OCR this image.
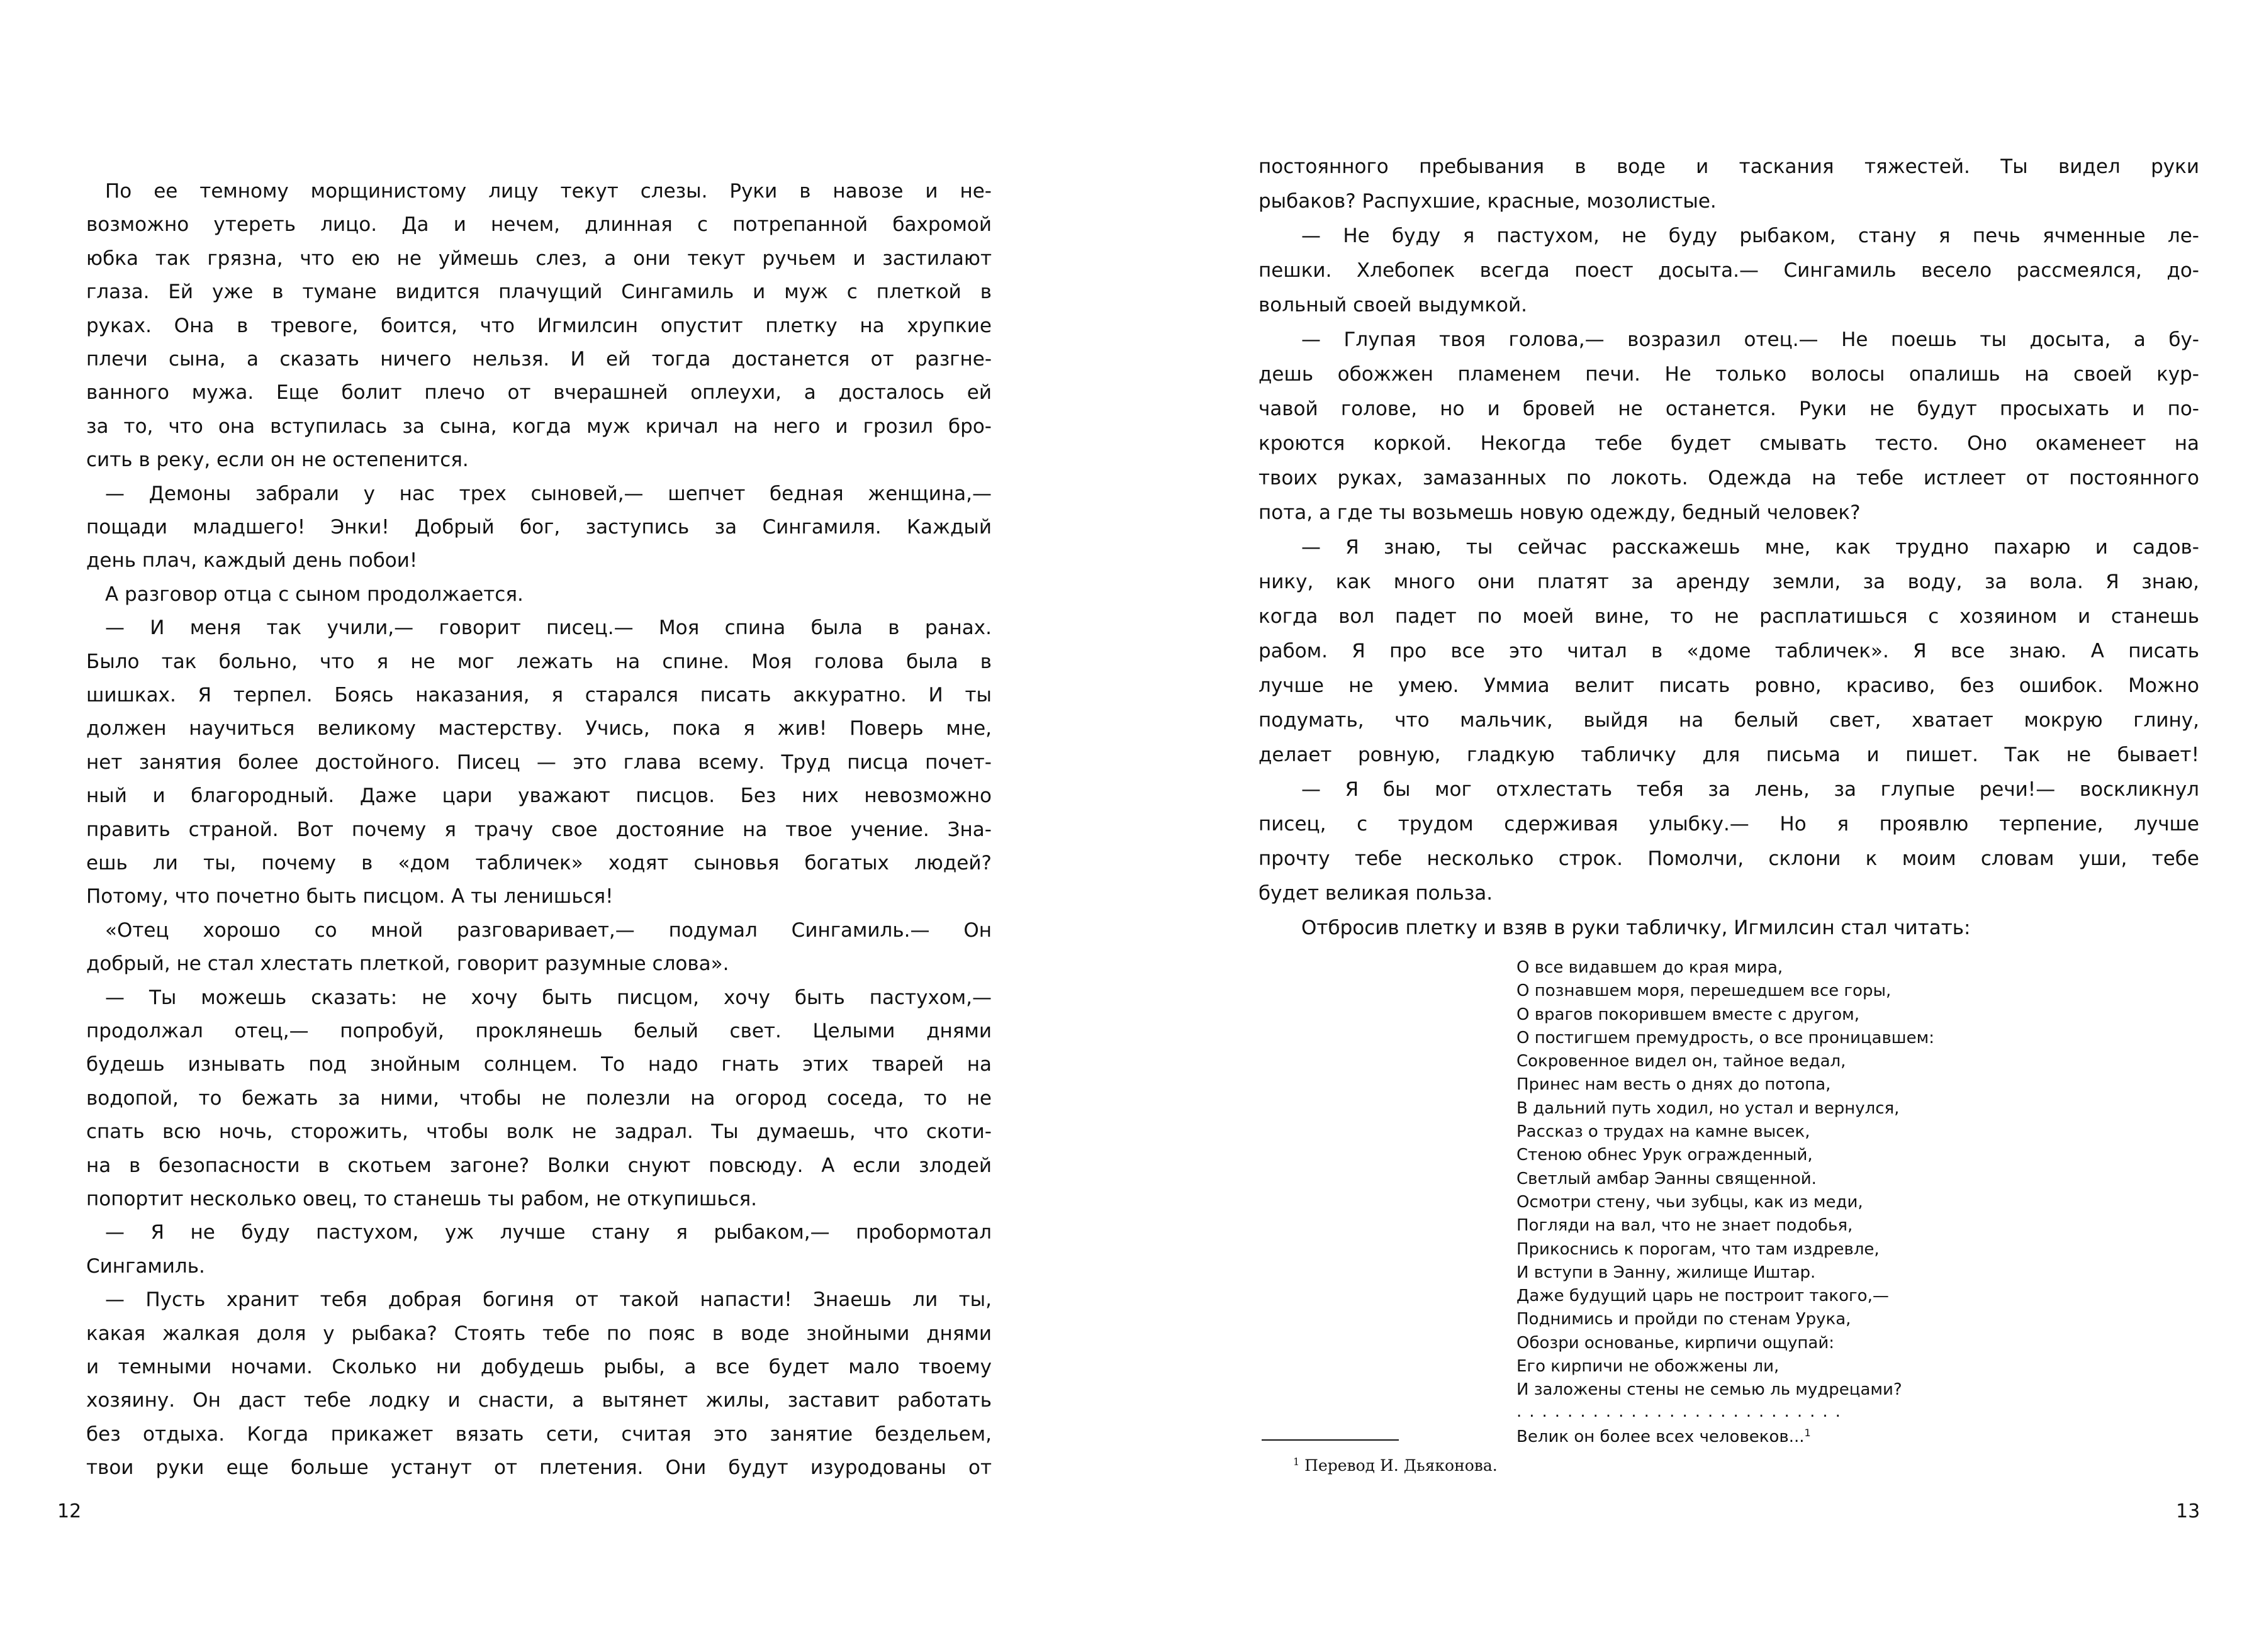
По ее темному морщинистому лицу текут слезы. Руки в навозе и не-
возможно утереть лицо. Да и нечем, длинная с потрепанной бахромой
юбка так грязна, что ею не уймешь слез, а они текут ручьем и застилают
глаза. Ей уже в тумане видится плачущий Сингамиль и муж с плеткой в
руках. Она в тревоге, боится, что Игмилсин опустит плетку на хрупкие
плечи сына, а сказать ничего нельзя. И ей тогда достанется от разгне-
ванного мужа. Еще болит плечо от вчерашней оплеухи, а досталось ей
за то, что она вступилась за сына, когда муж кричал на него и грозил бро-
сить в реку, если он не остепенится.
— Демоны забрали у нас трех сыновей,— шепчет бедная женщина,—
пощади младшего! Энки! Добрый бог, заступись за Сингамиля. Каждый
день плач, каждый день побои!
А разговор отца с сыном продолжается.
— И меня так учили,— говорит писец.— Моя спина была в ранах.
Было так больно, что я не мог лежать на спине. Моя голова была в
шишках. Я терпел. Боясь наказания, я старался писать аккуратно. И ты
должен научиться великому мастерству. Учись, пока я жив! Поверь мне,
нет занятия более достойного. Писец — это глава всему. Труд писца почет-
ный и благородный. Даже цари уважают писцов. Без них невозможно
править страной. Вот почему я трачу свое достояние на твое учение. Зна-
ешь ли ты, почему в «дом табличек» ходят сыновья богатых людей?
Потому, что почетно быть писцом. А ты ленишься!
«Отец хорошо со мной разговаривает,— подумал Сингамиль.— Он
добрый, не стал хлестать плеткой, говорит разумные слова».
— Ты можешь сказать: не хочу быть писцом, хочу быть пастухом,—
продолжал отец,— попробуй, проклянешь белый свет. Целыми днями
будешь изнывать под знойным солнцем. То надо гнать этих тварей на
водопой, то бежать за ними, чтобы не полезли на огород соседа, то не
спать всю ночь, сторожить, чтобы волк не задрал. Ты думаешь, что скоти-
на в безопасности в скотьем загоне? Волки снуют повсюду. А если злодей
попортит несколько овец, то станешь ты рабом, не откупишься.
— Я не буду пастухом, уж лучше стану я рыбаком,— пробормотал
Сингамиль.
— Пусть хранит тебя добрая богиня от такой напасти! Знаешь ли ты,
какая жалкая доля у рыбака? Стоять тебе по пояс в воде знойными днями
и темными ночами. Сколько ни добудешь рыбы, а все будет мало твоему
хозяину. Он даст тебе лодку и снасти, а вытянет жилы, заставит работать
без отдыха. Когда прикажет вязать сети, считая это занятие бездельем,
твои руки еще больше устанут от плетения. Они будут изуродованы от
постоянного пребывания в воде и таскания тяжестей. Ты видел руки
рыбаков? Распухшие, красные, мозолистые.
— Не буду я пастухом, не буду рыбаком, стану я печь ячменные ле-
пешки. Хлебопек всегда поест досыта.— Сингамиль весело рассмеялся, до-
вольный своей выдумкой.
— Глупая твоя голова,— возразил отец.— Не поешь ты досыта, а бу-
дешь обожжен пламенем печи. Не только волосы опалишь на своей кур-
чавой голове, но и бровей не останется. Руки не будут просыхать и по-
кроются коркой. Некогда тебе будет смывать тесто. Оно окаменеет на
твоих руках, замазанных по локоть. Одежда на тебе истлеет от постоянного
пота, а где ты возьмешь новую одежду, бедный человек?
— Я знаю, ты сейчас расскажешь мне, как трудно пахарю и садов-
нику, как много они платят за аренду земли, за воду, за вола. Я знаю,
когда вол падет по моей вине, то не расплатишься с хозяином и станешь
рабом. Я про все это читал в «доме табличек». Я все знаю. А писать
лучше не умею. Уммиа велит писать ровно, красиво, без ошибок. Можно
подумать, что мальчик, выйдя на белый свет, хватает мокрую глину,
делает ровную, гладкую табличку для письма и пишет. Так не бывает!
— Я бы мог отхлестать тебя за лень, за глупые речи!— воскликнул
писец, с трудом сдерживая улыбку.— Но я проявлю терпение, лучше
прочту тебе несколько строк. Помолчи, склони к моим словам уши, тебе
будет великая польза.
Отбросив плетку и взяв в руки табличку, Игмилсин стал читать:
О все видавшем до края мира,
О познавшем моря, перешедшем все горы,
О врагов покорившем вместе с другом,
О постигшем премудрость, о все проницавшем:
Сокровенное видел он, тайное ведал,
Принес нам весть о днях до потопа,
В дальний путь ходил, но устал и вернулся,
Рассказ о трудах на камне высек,
Стеною обнес Урук огражденный,
Светлый амбар Эанны священной.
Осмотри стену, чьи зубцы, как из меди,
Погляди на вал, что не знает подобья,
Прикоснись к порогам, что там издревле,
И вступи в Эанну, жилище Иштар.
Даже будущий царь не построит такого,—
Поднимись и пройди по стенам Урука,
Обозри основанье, кирпичи ощупай:
Его кирпичи не обожжены ли,
И заложены стены не семью ль мудрецами?
..........................
Велик он более всех человеков...$^1$
$^1$ Перевод И. Дьяконова.
12	13
